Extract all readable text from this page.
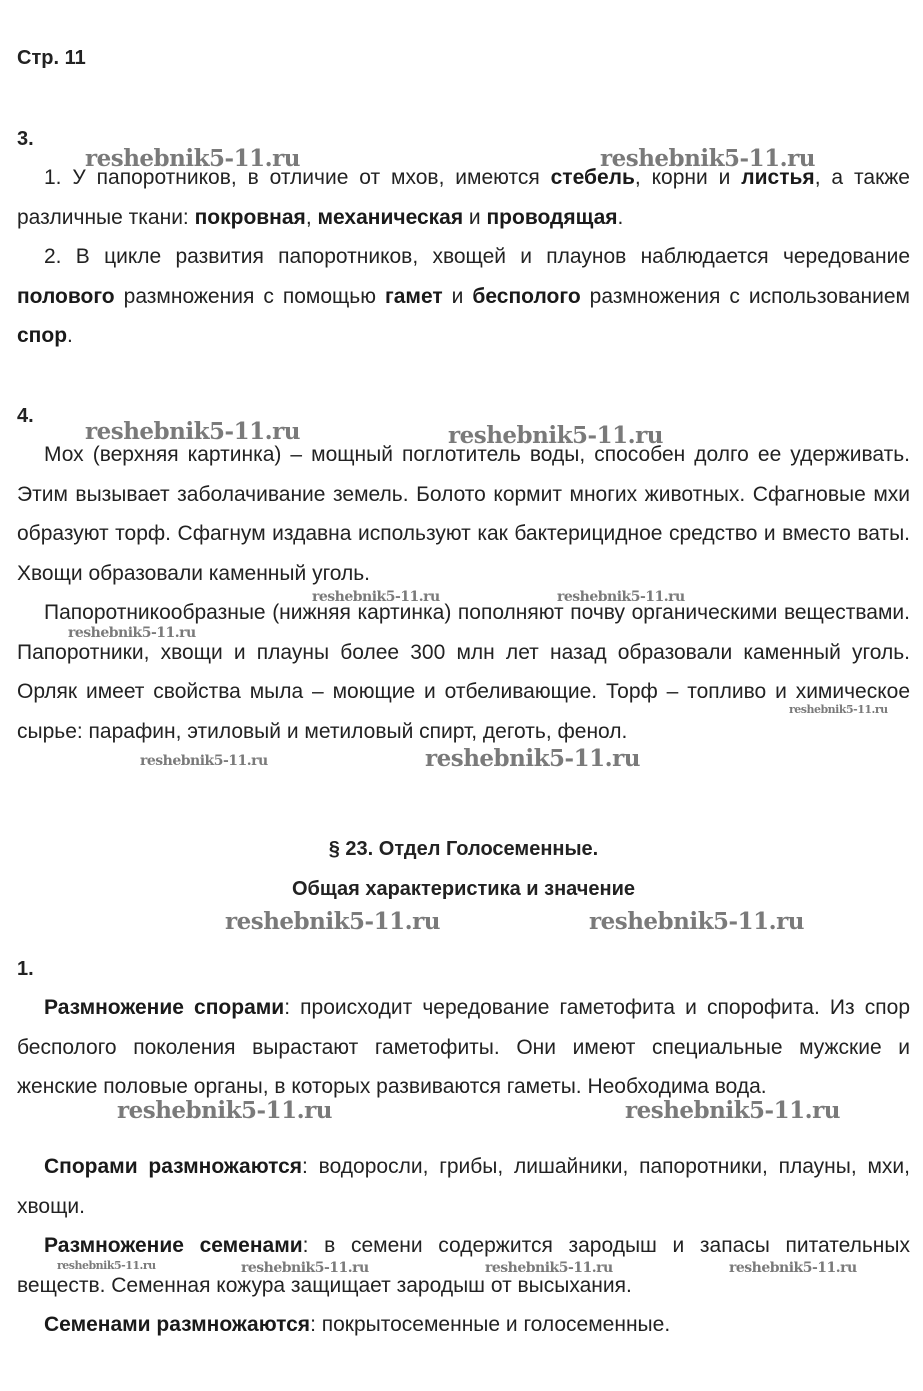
Стр. 11
3.

1. У папоротников, в отличие от мхов, имеются стебель, корни и листья, а также различные ткани: покровная, механическая и проводящая.

2. В цикле развития папоротников, хвощей и плаунов наблюдается чередование полового размножения с помощью гамет и бесполого размножения с использованием спор.

4.

Мох (верхняя картинка) – мощный поглотитель воды, способен долго ее удерживать. Этим вызывает заболачивание земель. Болото кормит многих животных. Сфагновые мхи образуют торф. Сфагнум издавна используют как бактерицидное средство и вместо ваты. Хвощи образовали каменный уголь.

Папоротникообразные (нижняя картинка) пополняют почву органическими веществами. Папоротники, хвощи и плауны более 300 млн лет назад образовали каменный уголь. Орляк имеет свойства мыла – моющие и отбеливающие. Торф – топливо и химическое сырье: парафин, этиловый и метиловый спирт, деготь, фенол.

§ 23. Отдел Голосеменные.
Общая характеристика и значение
1.

Размножение спорами: происходит чередование гаметофита и спорофита. Из спор бесполого поколения вырастают гаметофиты. Они имеют специальные мужские и женские половые органы, в которых развиваются гаметы. Необходима вода.

Спорами размножаются: водоросли, грибы, лишайники, папоротники, плауны, мхи, хвощи.

Размножение семенами: в семени содержится зародыш и запасы питательных веществ. Семенная кожура защищает зародыш от высыхания.

Семенами размножаются: покрытосеменные и голосеменные.

reshebnik5-11.ru	reshebnik5-11.ru
reshebnik5-11.ru	reshebnik5-11.ru
reshebnik5-11.ru	reshebnik5-11.ru
reshebnik5-11.ru
reshebnik5-11.ru
reshebnik5-11.ru	reshebnik5-11.ru
reshebnik5-11.ru	reshebnik5-11.ru
reshebnik5-11.ru	reshebnik5-11.ru
reshebnik5-11.ru	reshebnik5-11.ru	reshebnik5-11.ru	reshebnik5-11.ru
